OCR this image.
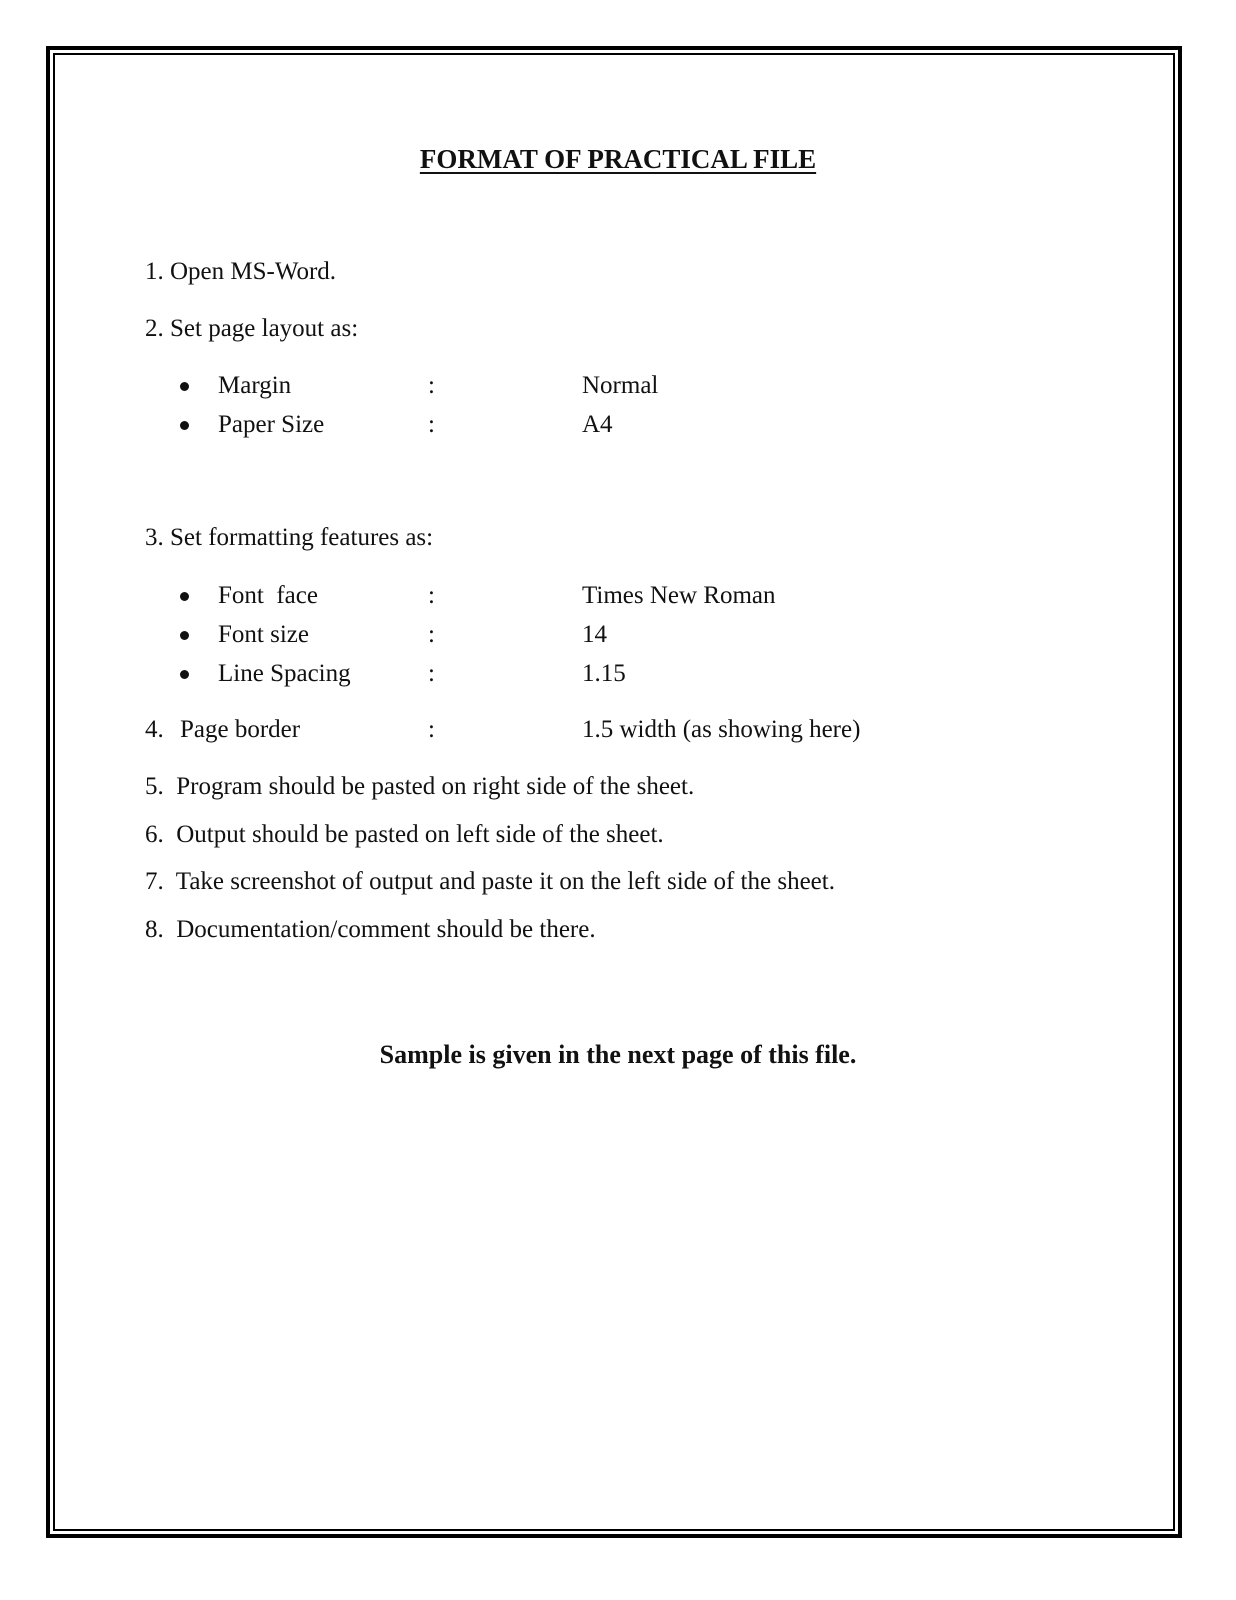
FORMAT OF PRACTICAL FILE
1. Open MS-Word.
2. Set page layout as:
Margin	:	Normal
Paper Size	:	A4
3. Set formatting features as:
Font  face	:	Times New Roman
Font size	:	14
Line Spacing	:	1.15
4. Page border	:	1.5 width (as showing here)
5.  Program should be pasted on right side of the sheet.
6.  Output should be pasted on left side of the sheet.
7.  Take screenshot of output and paste it on the left side of the sheet.
8.  Documentation/comment should be there.
Sample is given in the next page of this file.
